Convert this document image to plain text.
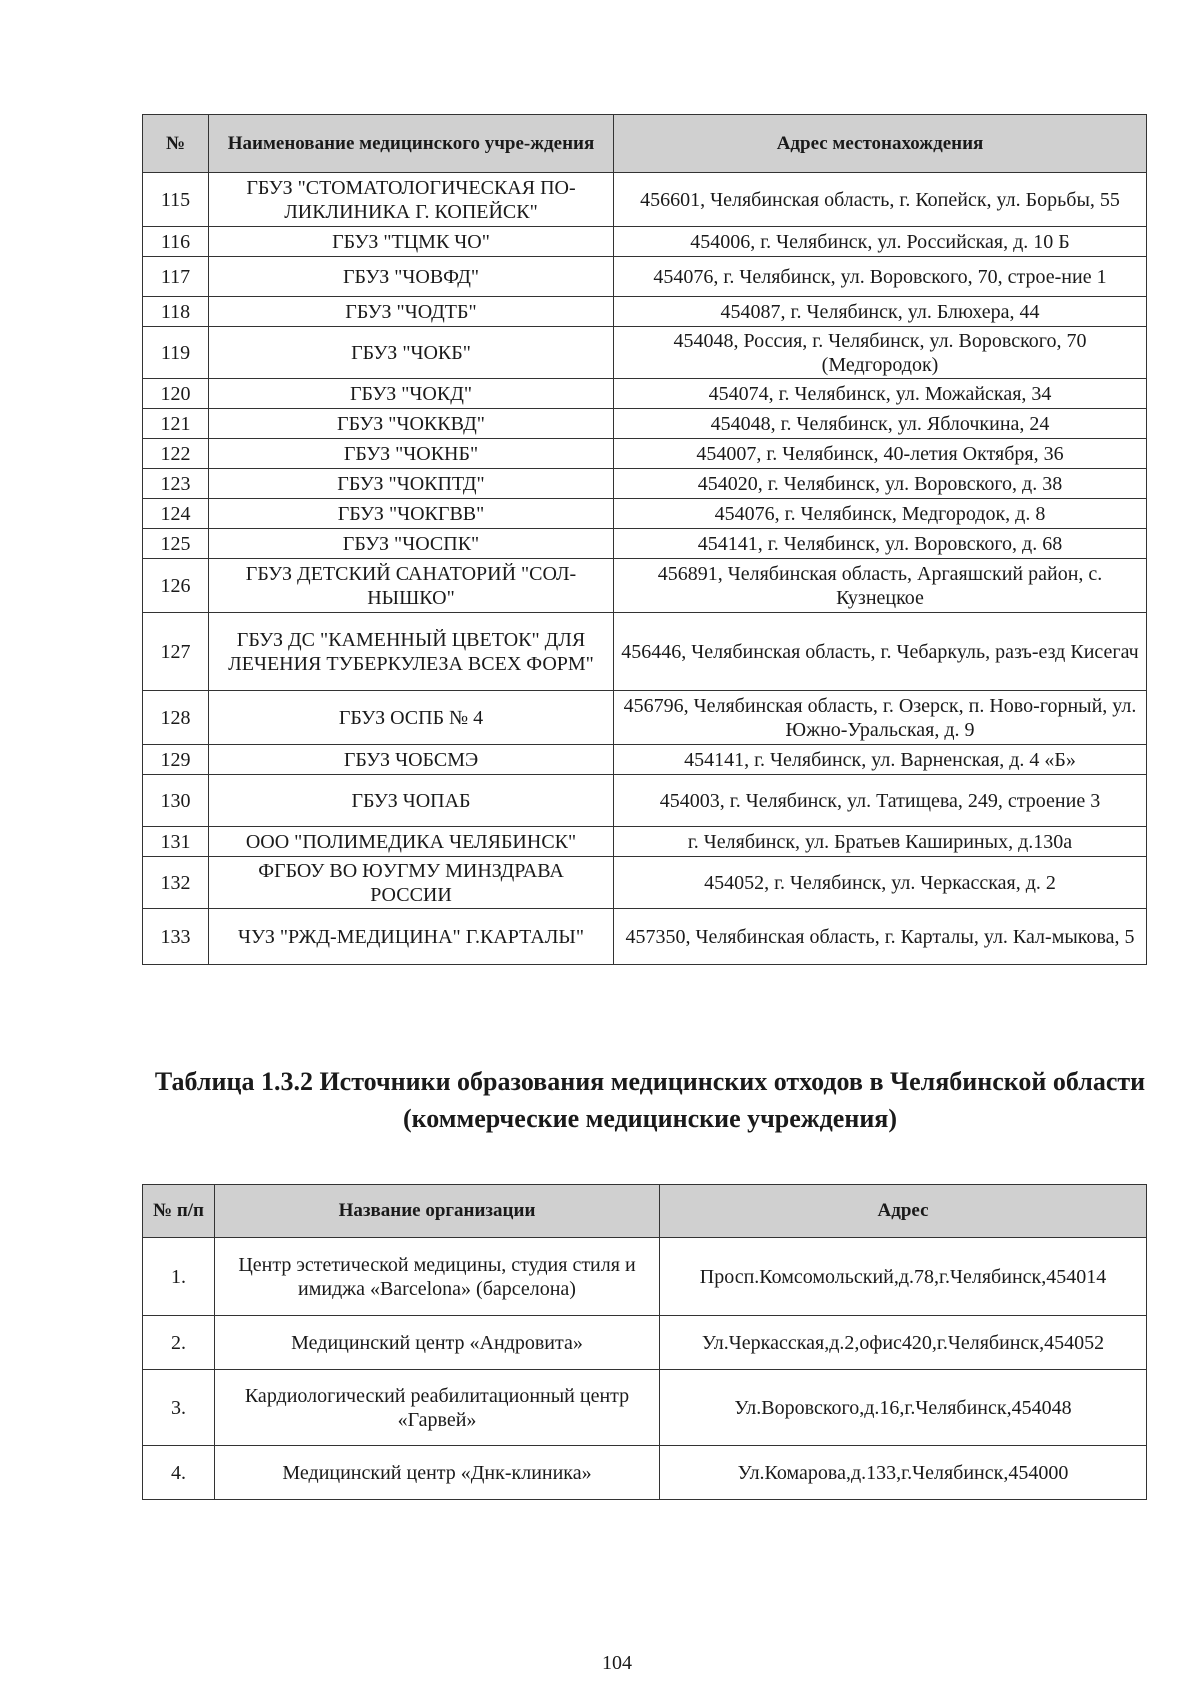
№	Наименование медицинского учре-ждения	Адрес местонахождения
115	ГБУЗ "СТОМАТОЛОГИЧЕСКАЯ ПО-ЛИКЛИНИКА Г. КОПЕЙСК"	456601, Челябинская область, г. Копейск, ул. Борьбы, 55
116	ГБУЗ "ТЦМК ЧО"	454006, г. Челябинск, ул. Российская, д. 10 Б
117	ГБУЗ "ЧОВФД"	454076, г. Челябинск, ул. Воровского, 70, строе-ние 1
118	ГБУЗ "ЧОДТБ"	454087, г. Челябинск, ул. Блюхера, 44
119	ГБУЗ "ЧОКБ"	454048, Россия, г. Челябинск, ул. Воровского, 70 (Медгородок)
120	ГБУЗ "ЧОКД"	454074, г. Челябинск, ул. Можайская, 34
121	ГБУЗ "ЧОККВД"	454048, г. Челябинск, ул. Яблочкина, 24
122	ГБУЗ "ЧОКНБ"	454007, г. Челябинск, 40-летия Октября, 36
123	ГБУЗ "ЧОКПТД"	454020, г. Челябинск, ул. Воровского, д. 38
124	ГБУЗ "ЧОКГВВ"	454076, г. Челябинск, Медгородок, д. 8
125	ГБУЗ "ЧОСПК"	454141, г. Челябинск, ул. Воровского, д. 68
126	ГБУЗ ДЕТСКИЙ САНАТОРИЙ "СОЛ-НЫШКО"	456891, Челябинская область, Аргаяшский район, с. Кузнецкое
127	ГБУЗ ДС "КАМЕННЫЙ ЦВЕТОК" ДЛЯ ЛЕЧЕНИЯ ТУБЕРКУЛЕЗА ВСЕХ ФОРМ"	456446, Челябинская область, г. Чебаркуль, разъ-езд Кисегач
128	ГБУЗ ОСПБ № 4	456796, Челябинская область, г. Озерск, п. Ново-горный, ул. Южно-Уральская, д. 9
129	ГБУЗ ЧОБСМЭ	454141, г. Челябинск, ул. Варненская, д. 4 «Б»
130	ГБУЗ ЧОПАБ	454003, г. Челябинск, ул. Татищева, 249, строение 3
131	ООО "ПОЛИМЕДИКА ЧЕЛЯБИНСК"	г. Челябинск, ул. Братьев Кашириных, д.130а
132	ФГБОУ ВО ЮУГМУ МИНЗДРАВА РОССИИ	454052, г. Челябинск, ул. Черкасская, д. 2
133	ЧУЗ "РЖД-МЕДИЦИНА" Г.КАРТАЛЫ"	457350, Челябинская область, г. Карталы, ул. Кал-мыкова, 5
Таблица 1.3.2 Источники образования медицинских отходов в Челябинской области (коммерческие медицинские учреждения)
№ п/п	Название организации	Адрес
1.	Центр эстетической медицины, студия стиля и имиджа «Barcelona» (барселона)	Просп.Комсомольский,д.78,г.Челябинск,454014
2.	Медицинский центр «Андровита»	Ул.Черкасская,д.2,офис420,г.Челябинск,454052
3.	Кардиологический реабилитационный центр «Гарвей»	Ул.Воровского,д.16,г.Челябинск,454048
4.	Медицинский центр «Днк-клиника»	Ул.Комарова,д.133,г.Челябинск,454000
104
